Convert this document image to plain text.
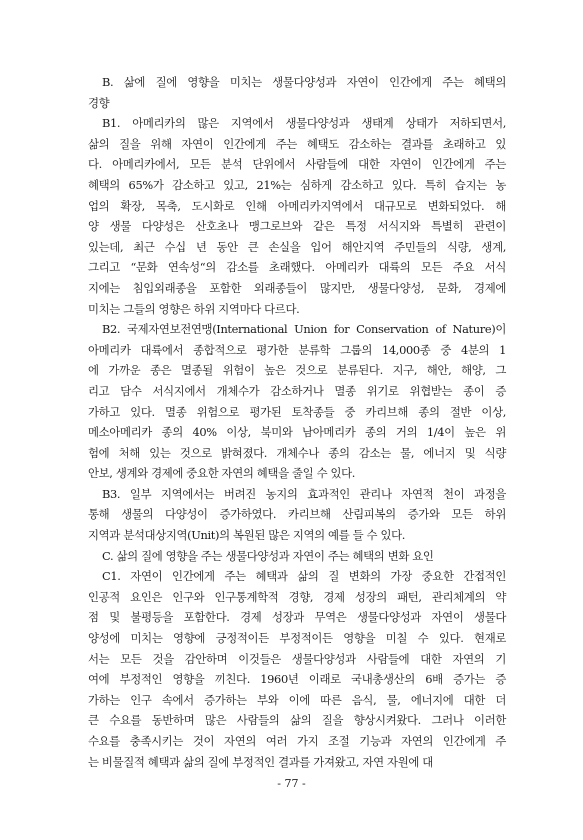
B. 삶에 질에 영향을 미치는 생물다양성과 자연이 인간에게 주는 혜택의
경향
B1. 아메리카의 많은 지역에서 생물다양성과 생태계 상태가 저하되면서,
삶의 질을 위해 자연이 인간에게 주는 혜택도 감소하는 결과를 초래하고 있
다. 아메리카에서, 모든 분석 단위에서 사람들에 대한 자연이 인간에게 주는
혜택의 65%가 감소하고 있고, 21%는 심하게 감소하고 있다. 특히 습지는 농
업의 확장, 목축, 도시화로 인해 아메리카지역에서 대규모로 변화되었다. 해
양 생물 다양성은 산호초나 맹그로브와 같은 특정 서식지와 특별히 관련이
있는데, 최근 수십 년 동안 큰 손실을 입어 해안지역 주민들의 식량, 생계,
그리고 “문화 연속성“의 감소를 초래했다. 아메리카 대륙의 모든 주요 서식
지에는 침입외래종을 포함한 외래종들이 많지만, 생물다양성, 문화, 경제에
미치는 그들의 영향은 하위 지역마다 다르다.
B2. 국제자연보전연맹(International Union for Conservation of Nature)이
아메리카 대륙에서 종합적으로 평가한 분류학 그룹의 14,000종 중 4분의 1
에 가까운 종은 멸종될 위험이 높은 것으로 분류된다. 지구, 해안, 해양, 그
리고 담수 서식지에서 개체수가 감소하거나 멸종 위기로 위협받는 종이 증
가하고 있다. 멸종 위험으로 평가된 토착종들 중 카리브해 종의 절반 이상,
메소아메리카 종의 40% 이상, 북미와 남아메리카 종의 거의 1/4이 높은 위
험에 처해 있는 것으로 밝혀졌다. 개체수나 종의 감소는 물, 에너지 및 식량
안보, 생계와 경제에 중요한 자연의 혜택을 줄일 수 있다.
B3. 일부 지역에서는 버려진 농지의 효과적인 관리나 자연적 천이 과정을
통해 생물의 다양성이 증가하였다. 카리브해 산림피복의 증가와 모든 하위
지역과 분석대상지역(Unit)의 복원된 많은 지역의 예를 들 수 있다.
C. 삶의 질에 영향을 주는 생물다양성과 자연이 주는 혜택의 변화 요인
C1. 자연이 인간에게 주는 혜택과 삶의 질 변화의 가장 중요한 간접적인
인공적 요인은 인구와 인구통계학적 경향, 경제 성장의 패턴, 관리체계의 약
점 및 불평등을 포함한다. 경제 성장과 무역은 생물다양성과 자연이 생물다
양성에 미치는 영향에 긍정적이든 부정적이든 영향을 미칠 수 있다. 현재로
서는 모든 것을 감안하며 이것들은 생물다양성과 사람들에 대한 자연의 기
여에 부정적인 영향을 끼친다. 1960년 이래로 국내총생산의 6배 증가는 증
가하는 인구 속에서 증가하는 부와 이에 따른 음식, 물, 에너지에 대한 더
큰 수요를 동반하며 많은 사람들의 삶의 질을 향상시켜왔다. 그러나 이러한
수요를 충족시키는 것이 자연의 여러 가지 조절 기능과 자연의 인간에게 주
는 비물질적 혜택과 삶의 질에 부정적인 결과를 가져왔고, 자연 자원에 대
- 77 -
